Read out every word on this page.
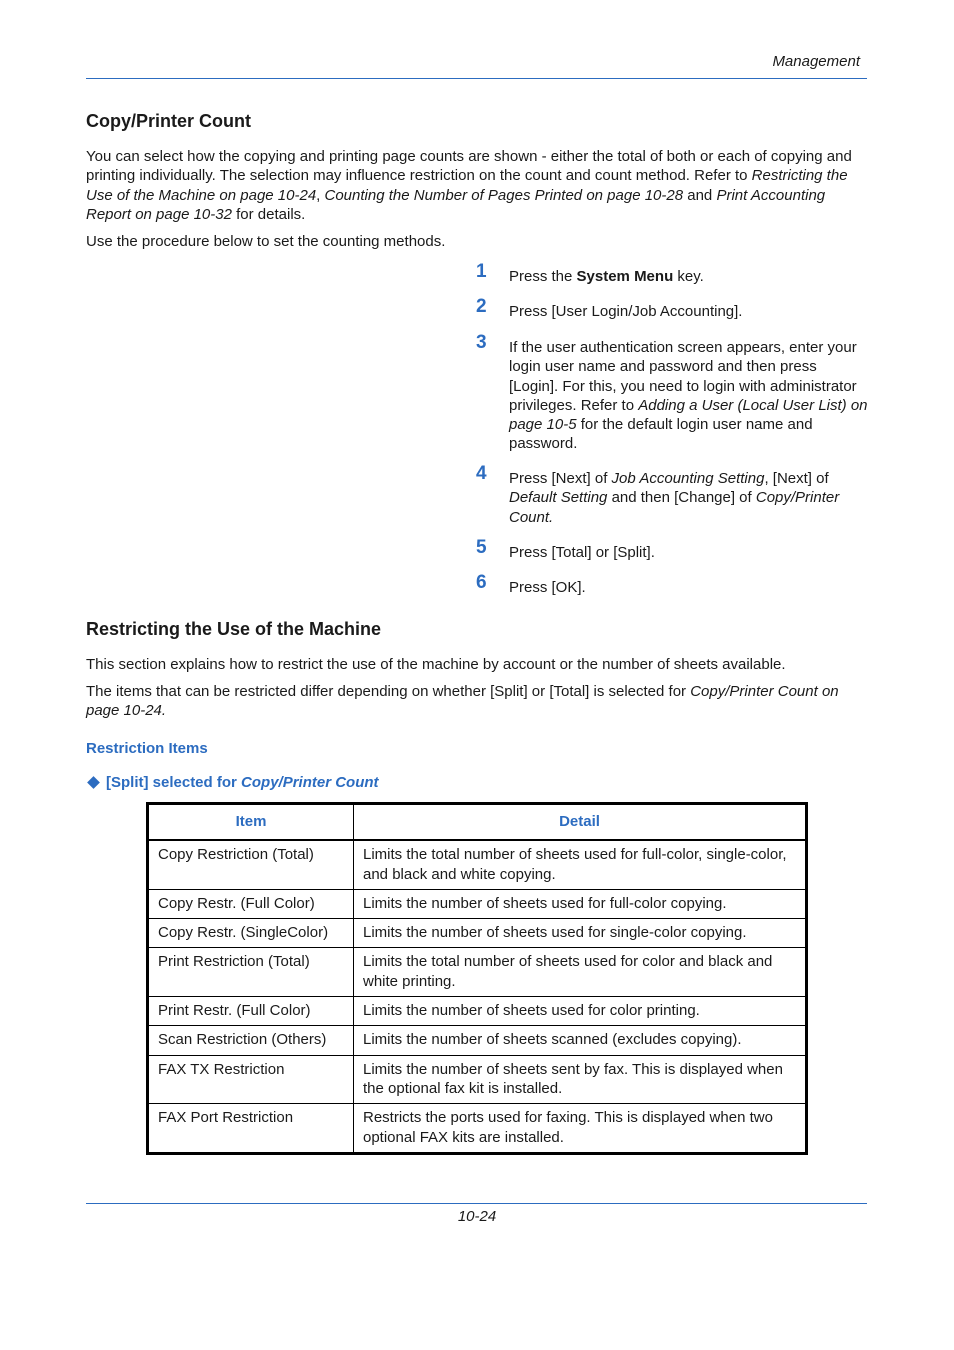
Management
Copy/Printer Count

You can select how the copying and printing page counts are shown - either the total of both or each of copying and printing individually. The selection may influence restriction on the count and count method. Refer to Restricting the Use of the Machine on page 10-24, Counting the Number of Pages Printed on page 10-28 and Print Accounting Report on page 10-32 for details.

Use the procedure below to set the counting methods.

1 Press the System Menu key.
2 Press [User Login/Job Accounting].
3 If the user authentication screen appears, enter your login user name and password and then press [Login]. For this, you need to login with administrator privileges. Refer to Adding a User (Local User List) on page 10-5 for the default login user name and password.
4 Press [Next] of Job Accounting Setting, [Next] of Default Setting and then [Change] of Copy/Printer Count.
5 Press [Total] or [Split].
6 Press [OK].
Restricting the Use of the Machine

This section explains how to restrict the use of the machine by account or the number of sheets available.

The items that can be restricted differ depending on whether [Split] or [Total] is selected for Copy/Printer Count on page 10-24.

Restriction Items
[Split] selected for Copy/Printer Count
Item	Detail
Copy Restriction (Total)	Limits the total number of sheets used for full-color, single-color, and black and white copying.
Copy Restr. (Full Color)	Limits the number of sheets used for full-color copying.
Copy Restr. (SingleColor)	Limits the number of sheets used for single-color copying.
Print Restriction (Total)	Limits the total number of sheets used for color and black and white printing.
Print Restr. (Full Color)	Limits the number of sheets used for color printing.
Scan Restriction (Others)	Limits the number of sheets scanned (excludes copying).
FAX TX Restriction	Limits the number of sheets sent by fax. This is displayed when the optional fax kit is installed.
FAX Port Restriction	Restricts the ports used for faxing. This is displayed when two optional FAX kits are installed.
10-24
